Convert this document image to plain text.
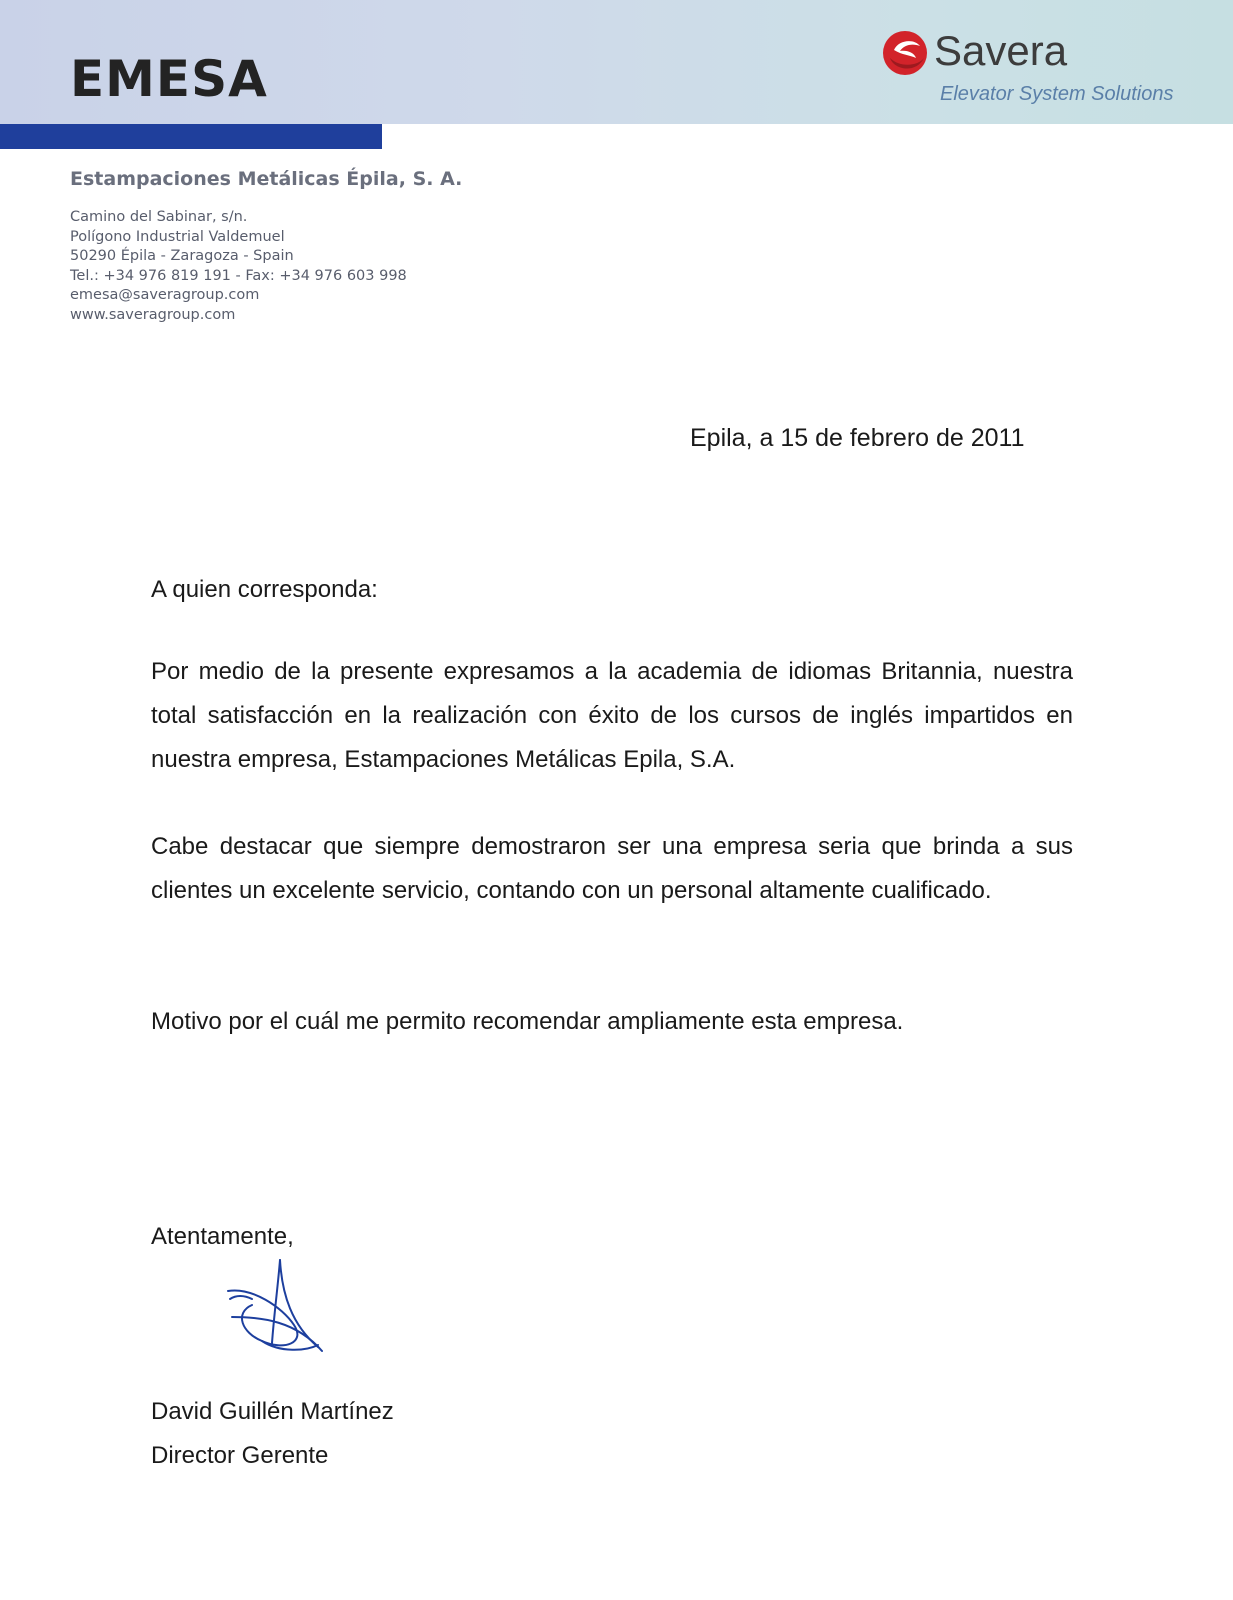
EMESA	Savera
Elevator System Solutions
Estampaciones Metálicas Épila, S. A.
Camino del Sabinar, s/n.
Polígono Industrial Valdemuel
50290 Épila - Zaragoza - Spain
Tel.: +34 976 819 191 - Fax: +34 976 603 998
emesa@saveragroup.com
www.saveragroup.com
Epila, a 15 de febrero de 2011
A quien corresponda:
Por medio de la presente expresamos a la academia de idiomas Britannia, nuestra total satisfacción en la realización con éxito de los cursos de inglés impartidos en nuestra empresa, Estampaciones Metálicas Epila, S.A.
Cabe destacar que siempre demostraron ser una empresa seria que brinda a sus clientes un excelente servicio, contando con un personal altamente cualificado.
Motivo por el cuál me permito recomendar ampliamente esta empresa.
Atentamente,
David Guillén Martínez
Director Gerente
